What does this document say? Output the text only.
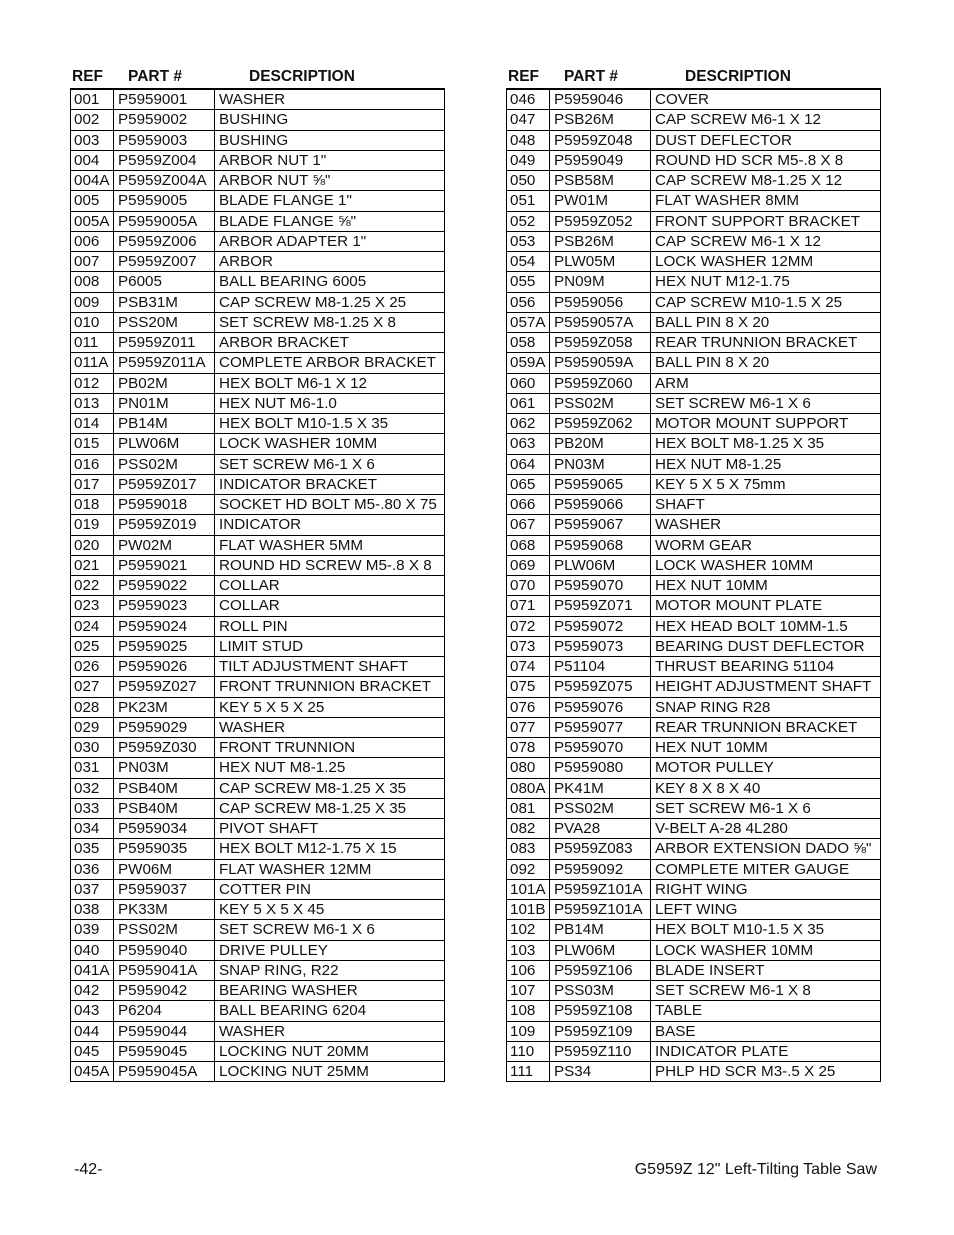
REF PART #	DESCRIPTION
001	P5959001	WASHER
002	P5959002	BUSHING
003	P5959003	BUSHING
004	P5959Z004	ARBOR NUT 1"
004A	P5959Z004A	ARBOR NUT ⅝"
005	P5959005	BLADE FLANGE 1"
005A	P5959005A	BLADE FLANGE ⅝"
006	P5959Z006	ARBOR ADAPTER 1"
007	P5959Z007	ARBOR
008	P6005	BALL BEARING 6005
009	PSB31M	CAP SCREW M8-1.25 X 25
010	PSS20M	SET SCREW M8-1.25 X 8
011	P5959Z011	ARBOR BRACKET
011A	P5959Z011A	COMPLETE ARBOR BRACKET
012	PB02M	HEX BOLT M6-1 X 12
013	PN01M	HEX NUT M6-1.0
014	PB14M	HEX BOLT M10-1.5 X 35
015	PLW06M	LOCK WASHER 10MM
016	PSS02M	SET SCREW M6-1 X 6
017	P5959Z017	INDICATOR BRACKET
018	P5959018	SOCKET HD BOLT M5-.80 X 75
019	P5959Z019	INDICATOR
020	PW02M	FLAT WASHER 5MM
021	P5959021	ROUND HD SCREW M5-.8 X 8
022	P5959022	COLLAR
023	P5959023	COLLAR
024	P5959024	ROLL PIN
025	P5959025	LIMIT STUD
026	P5959026	TILT ADJUSTMENT SHAFT
027	P5959Z027	FRONT TRUNNION BRACKET
028	PK23M	KEY 5 X 5 X 25
029	P5959029	WASHER
030	P5959Z030	FRONT TRUNNION
031	PN03M	HEX NUT M8-1.25
032	PSB40M	CAP SCREW M8-1.25 X 35
033	PSB40M	CAP SCREW M8-1.25 X 35
034	P5959034	PIVOT SHAFT
035	P5959035	HEX BOLT M12-1.75 X 15
036	PW06M	FLAT WASHER 12MM
037	P5959037	COTTER PIN
038	PK33M	KEY 5 X 5 X 45
039	PSS02M	SET SCREW M6-1 X 6
040	P5959040	DRIVE PULLEY
041A	P5959041A	SNAP RING, R22
042	P5959042	BEARING WASHER
043	P6204	BALL BEARING 6204
044	P5959044	WASHER
045	P5959045	LOCKING NUT 20MM
045A	P5959045A	LOCKING NUT 25MM
REF PART #	DESCRIPTION
046	P5959046	COVER
047	PSB26M	CAP SCREW M6-1 X 12
048	P5959Z048	DUST DEFLECTOR
049	P5959049	ROUND HD SCR M5-.8 X 8
050	PSB58M	CAP SCREW M8-1.25 X 12
051	PW01M	FLAT WASHER 8MM
052	P5959Z052	FRONT SUPPORT BRACKET
053	PSB26M	CAP SCREW M6-1 X 12
054	PLW05M	LOCK WASHER 12MM
055	PN09M	HEX NUT M12-1.75
056	P5959056	CAP SCREW M10-1.5 X 25
057A	P5959057A	BALL PIN 8 X 20
058	P5959Z058	REAR TRUNNION BRACKET
059A	P5959059A	BALL PIN 8 X 20
060	P5959Z060	ARM
061	PSS02M	SET SCREW M6-1 X 6
062	P5959Z062	MOTOR MOUNT SUPPORT
063	PB20M	HEX BOLT M8-1.25 X 35
064	PN03M	HEX NUT M8-1.25
065	P5959065	KEY 5 X 5 X 75mm
066	P5959066	SHAFT
067	P5959067	WASHER
068	P5959068	WORM GEAR
069	PLW06M	LOCK WASHER 10MM
070	P5959070	HEX NUT 10MM
071	P5959Z071	MOTOR MOUNT PLATE
072	P5959072	HEX HEAD BOLT 10MM-1.5
073	P5959073	BEARING DUST DEFLECTOR
074	P51104	THRUST BEARING 51104
075	P5959Z075	HEIGHT ADJUSTMENT SHAFT
076	P5959076	SNAP RING R28
077	P5959077	REAR TRUNNION BRACKET
078	P5959070	HEX NUT 10MM
080	P5959080	MOTOR PULLEY
080A	PK41M	KEY 8 X 8 X 40
081	PSS02M	SET SCREW M6-1 X 6
082	PVA28	V-BELT A-28 4L280
083	P5959Z083	ARBOR EXTENSION DADO ⅝"
092	P5959092	COMPLETE MITER GAUGE
101A	P5959Z101A	RIGHT WING
101B	P5959Z101A	LEFT WING
102	PB14M	HEX BOLT M10-1.5 X 35
103	PLW06M	LOCK WASHER 10MM
106	P5959Z106	BLADE INSERT
107	PSS03M	SET SCREW M6-1 X 8
108	P5959Z108	TABLE
109	P5959Z109	BASE
110	P5959Z110	INDICATOR PLATE
111	PS34	PHLP HD SCR M3-.5 X 25
-42-	G5959Z 12" Left-Tilting Table Saw
